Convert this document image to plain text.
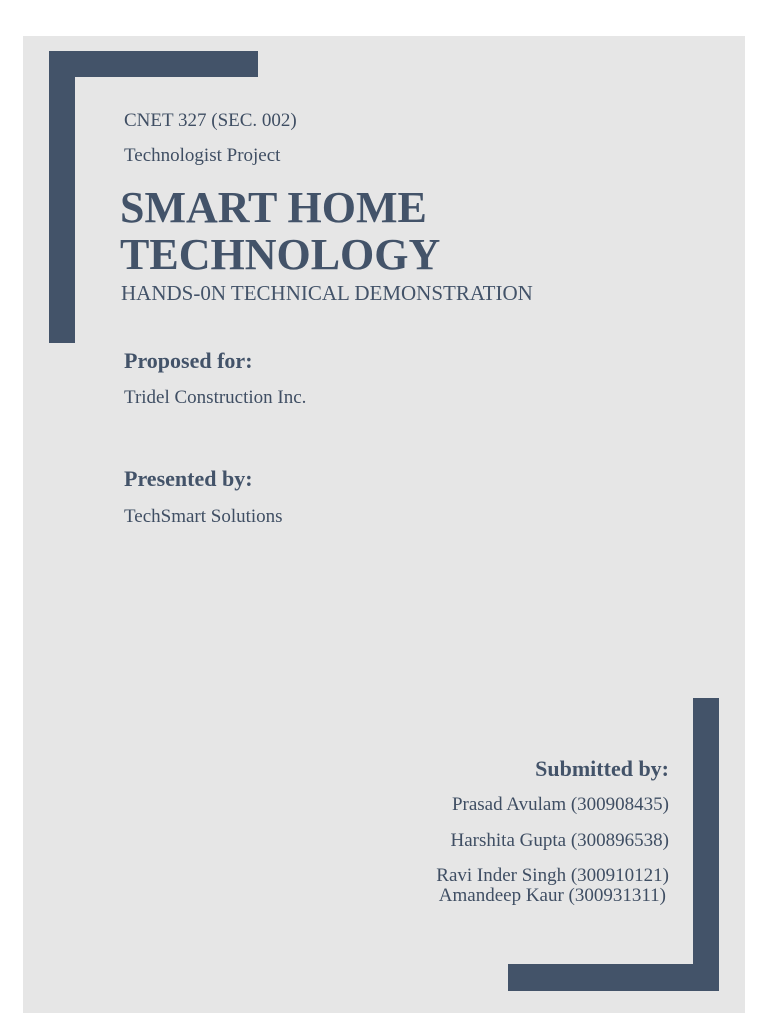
CNET 327 (SEC. 002)
Technologist Project
SMART HOME
TECHNOLOGY
HANDS-0N TECHNICAL DEMONSTRATION
Proposed for:
Tridel Construction Inc.
Presented by:
TechSmart Solutions
Submitted by:
Prasad Avulam (300908435)
Harshita Gupta (300896538)
Ravi Inder Singh (300910121)
Amandeep Kaur (300931311)
